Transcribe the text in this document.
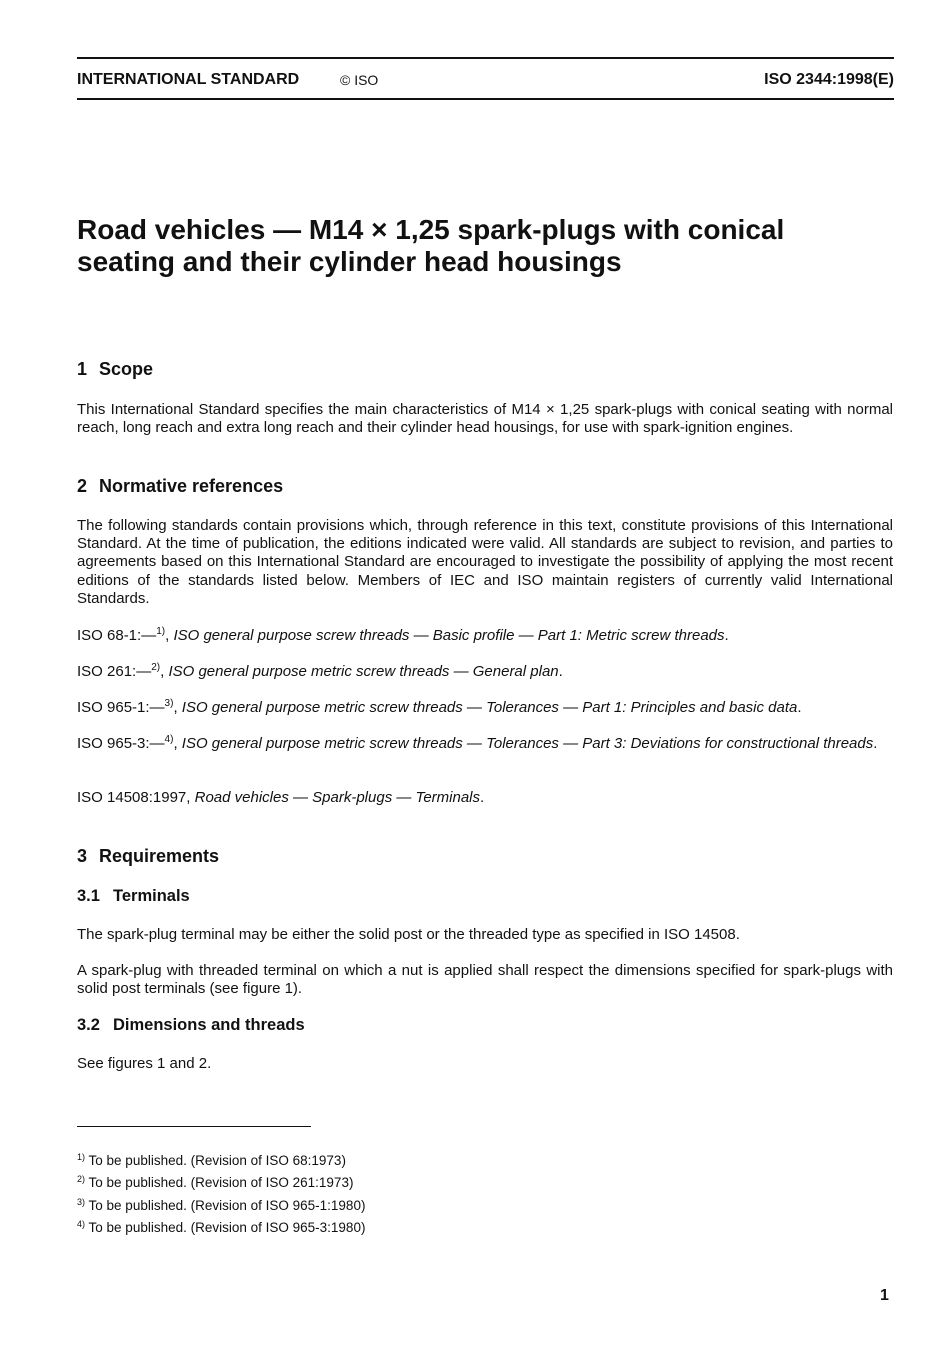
INTERNATIONAL STANDARD	© ISO	ISO 2344:1998(E)
Road vehicles — M14 × 1,25 spark-plugs with conical
seating and their cylinder head housings
1 Scope

This International Standard specifies the main characteristics of M14 × 1,25 spark-plugs with conical seating with normal reach, long reach and extra long reach and their cylinder head housings, for use with spark-ignition engines.

2 Normative references

The following standards contain provisions which, through reference in this text, constitute provisions of this International Standard. At the time of publication, the editions indicated were valid. All standards are subject to revision, and parties to agreements based on this International Standard are encouraged to investigate the possibility of applying the most recent editions of the standards listed below. Members of IEC and ISO maintain registers of currently valid International Standards.

ISO 68-1:—$^{1)}$, ISO general purpose screw threads — Basic profile — Part 1: Metric screw threads.

ISO 261:—$^{2)}$, ISO general purpose metric screw threads — General plan.

ISO 965-1:—$^{3)}$, ISO general purpose metric screw threads — Tolerances — Part 1: Principles and basic data.

ISO 965-3:—$^{4)}$, ISO general purpose metric screw threads — Tolerances — Part 3: Deviations for constructional threads.

ISO 14508:1997, Road vehicles — Spark-plugs — Terminals.

3 Requirements
3.1 Terminals

The spark-plug terminal may be either the solid post or the threaded type as specified in ISO 14508.

A spark-plug with threaded terminal on which a nut is applied shall respect the dimensions specified for spark-plugs with solid post terminals (see figure 1).

3.2 Dimensions and threads

See figures 1 and 2.

$^{1)}$ To be published. (Revision of ISO 68:1973)
$^{2)}$ To be published. (Revision of ISO 261:1973)
$^{3)}$ To be published. (Revision of ISO 965-1:1980)
$^{4)}$ To be published. (Revision of ISO 965-3:1980)
1
